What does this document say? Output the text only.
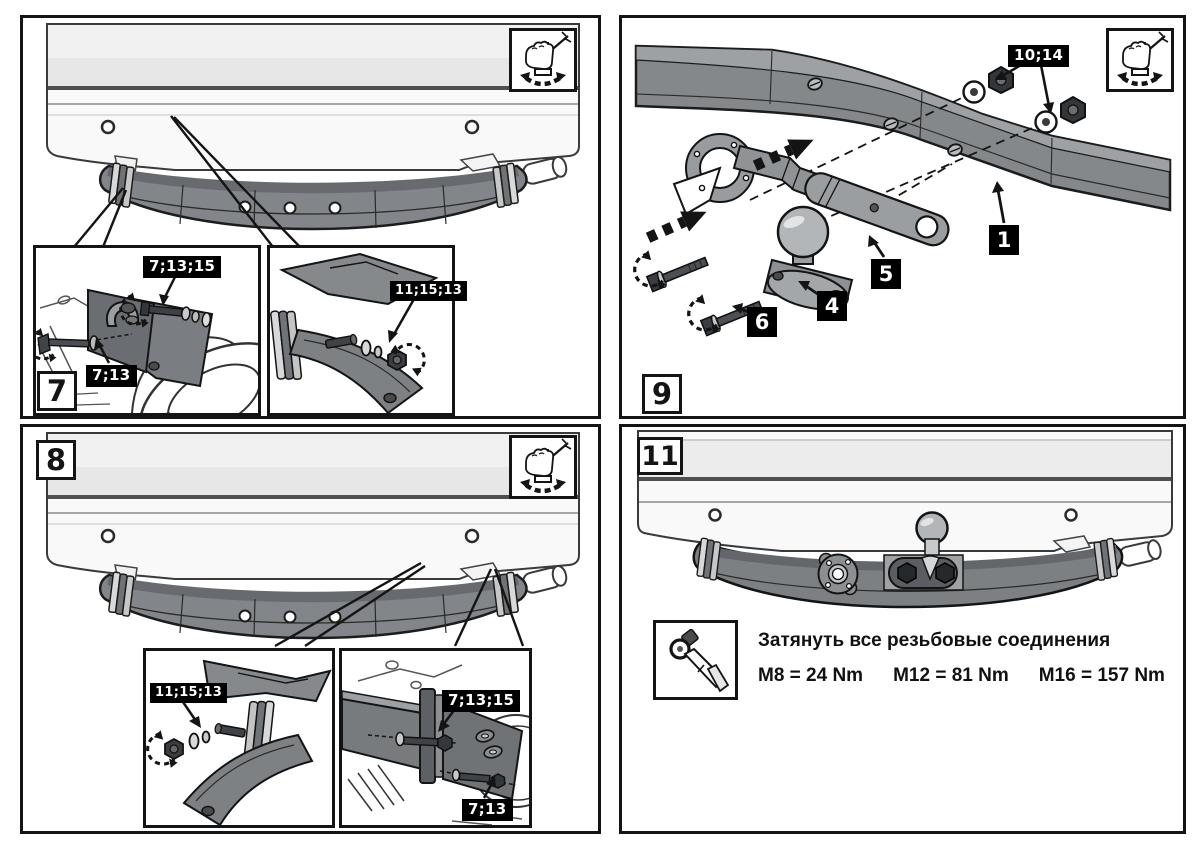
7;13;15
7;13
11;15;13
7
10;14
1
5
4
6
9
8
11;15;13	7;13;15
7;13
11
Затянуть все резьбовые соединения
M8 = 24 Nm M12 = 81 Nm M16 = 157 Nm
